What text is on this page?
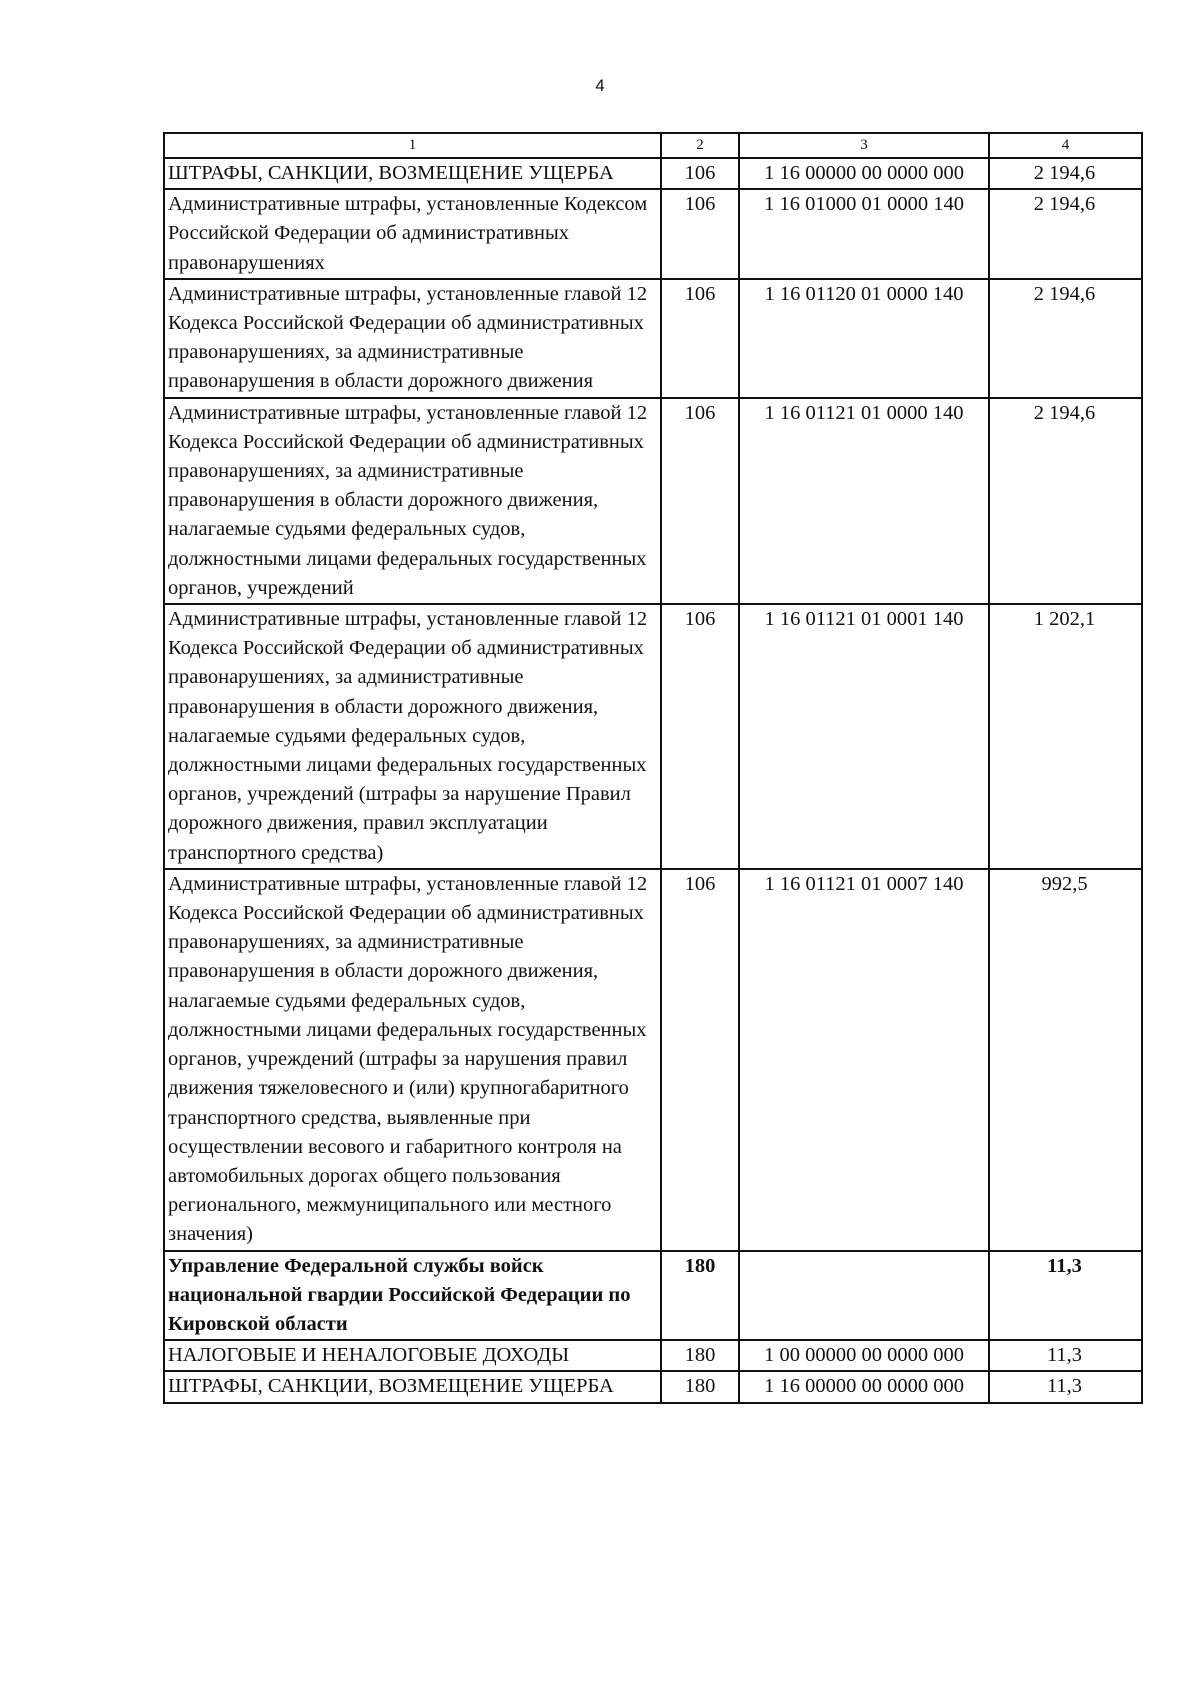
4
1	2	3	4
ШТРАФЫ, САНКЦИИ, ВОЗМЕЩЕНИЕ УЩЕРБА	106	1 16 00000 00 0000 000	2 194,6
Административные штрафы, установленные Кодексом Российской Федерации об административных правонарушениях	106	1 16 01000 01 0000 140	2 194,6
Административные штрафы, установленные главой 12 Кодекса Российской Федерации об административных правонарушениях, за административные правонарушения в области дорожного движения	106	1 16 01120 01 0000 140	2 194,6
Административные штрафы, установленные главой 12 Кодекса Российской Федерации об административных правонарушениях, за административные правонарушения в области дорожного движения, налагаемые судьями федеральных судов, должностными лицами федеральных государственных органов, учреждений	106	1 16 01121 01 0000 140	2 194,6
Административные штрафы, установленные главой 12 Кодекса Российской Федерации об административных правонарушениях, за административные правонарушения в области дорожного движения, налагаемые судьями федеральных судов, должностными лицами федеральных государственных органов, учреждений (штрафы за нарушение Правил дорожного движения, правил эксплуатации транспортного средства)	106	1 16 01121 01 0001 140	1 202,1
Административные штрафы, установленные главой 12 Кодекса Российской Федерации об административных правонарушениях, за административные правонарушения в области дорожного движения, налагаемые судьями федеральных судов, должностными лицами федеральных государственных органов, учреждений (штрафы за нарушения правил движения тяжеловесного и (или) крупногабаритного транспортного средства, выявленные при осуществлении весового и габаритного контроля на автомобильных дорогах общего пользования регионального, межмуниципального или местного значения)	106	1 16 01121 01 0007 140	992,5
Управление Федеральной службы войск национальной гвардии Российской Федерации по Кировской области	180		11,3
НАЛОГОВЫЕ И НЕНАЛОГОВЫЕ ДОХОДЫ	180	1 00 00000 00 0000 000	11,3
ШТРАФЫ, САНКЦИИ, ВОЗМЕЩЕНИЕ УЩЕРБА	180	1 16 00000 00 0000 000	11,3
